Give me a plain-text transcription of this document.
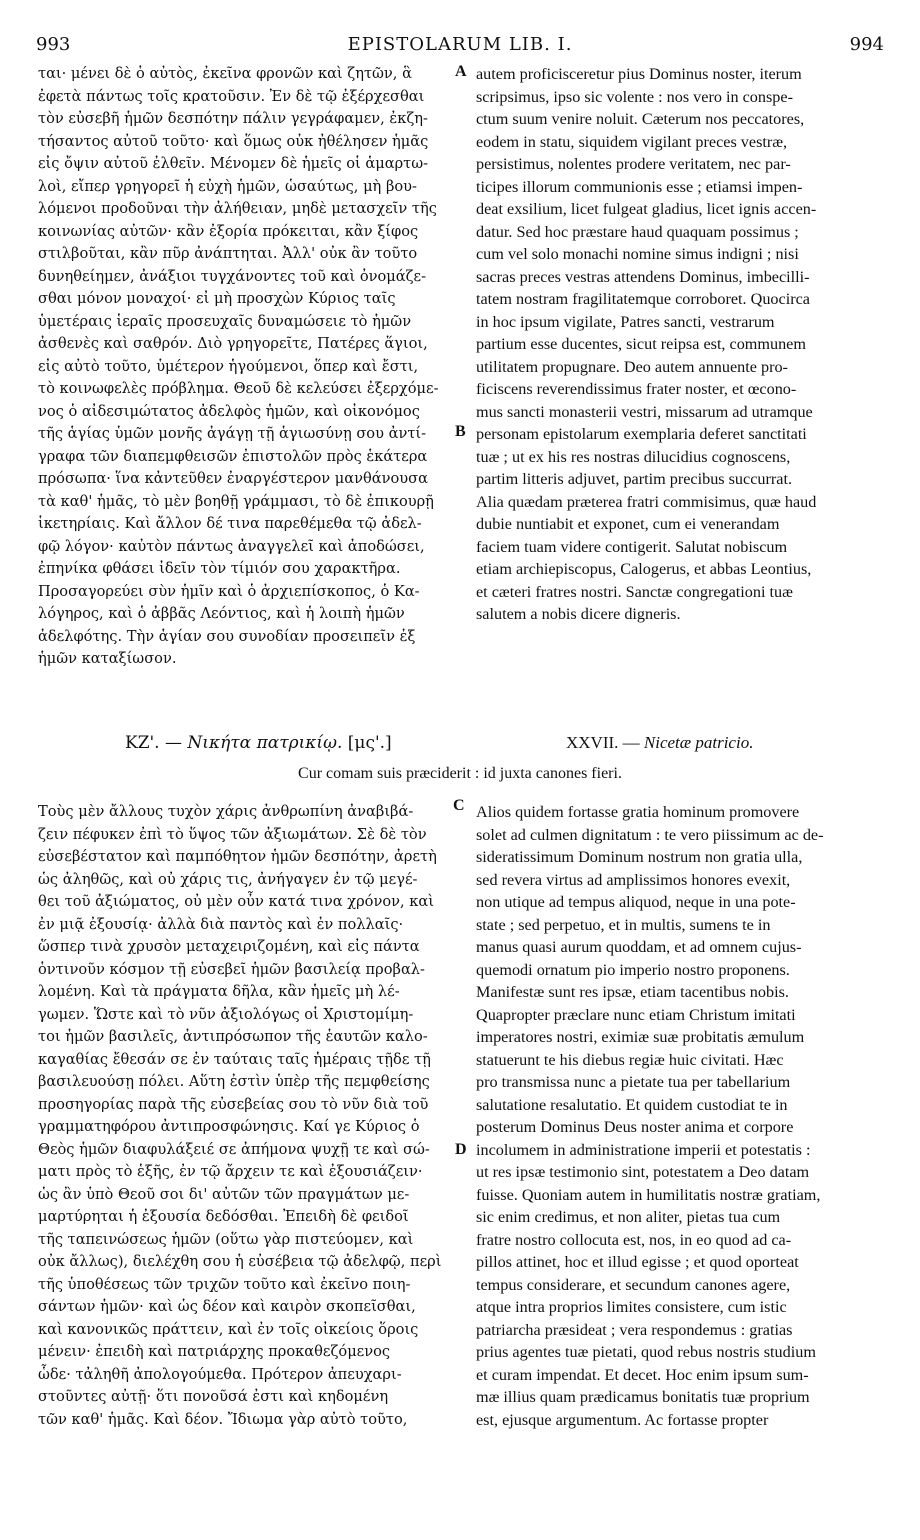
993	EPISTOLARUM LIB. I.	994
A
B
C
D
ται· μένει δὲ ὁ αὐτὸς, ἐκεῖνα φρονῶν καὶ ζητῶν, ἃ
ἐφετὰ πάντως τοῖς κρατοῦσιν. Ἐν δὲ τῷ ἐξέρχεσθαι
τὸν εὐσεβῆ ἡμῶν δεσπότην πάλιν γεγράφαμεν, ἐκζη-
τήσαντος αὐτοῦ τοῦτο· καὶ ὅμως οὐκ ἠθέλησεν ἡμᾶς
εἰς ὄψιν αὐτοῦ ἐλθεῖν. Μένομεν δὲ ἡμεῖς οἱ ἁμαρτω-
λοὶ, εἴπερ γρηγορεῖ ἡ εὐχὴ ἡμῶν, ὡσαύτως, μὴ βου-
λόμενοι προδοῦναι τὴν ἀλήθειαν, μηδὲ μετασχεῖν τῆς
κοινωνίας αὐτῶν· κἂν ἐξορία πρόκειται, κἂν ξίφος
στιλβοῦται, κἂν πῦρ ἀνάπτηται. Ἀλλ' οὐκ ἂν τοῦτο
δυνηθείημεν, ἀνάξιοι τυγχάνοντες τοῦ καὶ ὀνομάζε-
σθαι μόνον μοναχοί· εἰ μὴ προσχὼν Κύριος ταῖς
ὑμετέραις ἱεραῖς προσευχαῖς δυναμώσειε τὸ ἡμῶν
ἀσθενὲς καὶ σαθρόν. Διὸ γρηγορεῖτε, Πατέρες ἅγιοι,
εἰς αὐτὸ τοῦτο, ὑμέτερον ἡγούμενοι, ὅπερ καὶ ἔστι,
τὸ κοινωφελὲς πρόβλημα. Θεοῦ δὲ κελεύσει ἐξερχόμε-
νος ὁ αἰδεσιμώτατος ἀδελφὸς ἡμῶν, καὶ οἰκονόμος
τῆς ἁγίας ὑμῶν μονῆς ἀγάγῃ τῇ ἁγιωσύνῃ σου ἀντί-
γραφα τῶν διαπεμφθεισῶν ἐπιστολῶν πρὸς ἑκάτερα
πρόσωπα· ἵνα κἀντεῦθεν ἐναργέστερον μανθάνουσα
τὰ καθ' ἡμᾶς, τὸ μὲν βοηθῇ γράμμασι, τὸ δὲ ἐπικουρῇ
ἱκετηρίαις. Καὶ ἄλλον δέ τινα παρεθέμεθα τῷ ἀδελ-
φῷ λόγον· καὐτὸν πάντως ἀναγγελεῖ καὶ ἀποδώσει,
ἐπηνίκα φθάσει ἰδεῖν τὸν τίμιόν σου χαρακτῆρα.
Προσαγορεύει σὺν ἡμῖν καὶ ὁ ἀρχιεπίσκοπος, ὁ Κα-
λόγηρος, καὶ ὁ ἀββᾶς Λεόντιος, καὶ ἡ λοιπὴ ἡμῶν
ἀδελφότης. Τὴν ἁγίαν σου συνοδίαν προσειπεῖν ἐξ
ἡμῶν καταξίωσον.
autem proficisceretur pius Dominus noster, iterum
scripsimus, ipso sic volente : nos vero in conspe-
ctum suum venire noluit. Cæterum nos peccatores,
eodem in statu, siquidem vigilant preces vestræ,
persistimus, nolentes prodere veritatem, nec par-
ticipes illorum communionis esse ; etiamsi impen-
deat exsilium, licet fulgeat gladius, licet ignis accen-
datur. Sed hoc præstare haud quaquam possimus ;
cum vel solo monachi nomine simus indigni ; nisi
sacras preces vestras attendens Dominus, imbecilli-
tatem nostram fragilitatemque corroboret. Quocirca
in hoc ipsum vigilate, Patres sancti, vestrarum
partium esse ducentes, sicut reipsa est, communem
utilitatem propugnare. Deo autem annuente pro-
ficiscens reverendissimus frater noster, et œcono-
mus sancti monasterii vestri, missarum ad utramque
personam epistolarum exemplaria deferet sanctitati
tuæ ; ut ex his res nostras dilucidius cognoscens,
partim litteris adjuvet, partim precibus succurrat.
Alia quædam præterea fratri commisimus, quæ haud
dubie nuntiabit et exponet, cum ei venerandam
faciem tuam videre contigerit. Salutat nobiscum
etiam archiepiscopus, Calogerus, et abbas Leontius,
et cæteri fratres nostri. Sanctæ congregationi tuæ
salutem a nobis dicere digneris.
ΚΖ'. — Νικήτα πατρικίῳ. [μς'.]	XXVII. — Nicetæ patricio.
Cur comam suis præciderit : id juxta canones fieri.
Τοὺς μὲν ἄλλους τυχὸν χάρις ἀνθρωπίνη ἀναβιβά-
ζειν πέφυκεν ἐπὶ τὸ ὕψος τῶν ἀξιωμάτων. Σὲ δὲ τὸν
εὐσεβέστατον καὶ παμπόθητον ἡμῶν δεσπότην, ἀρετὴ
ὡς ἀληθῶς, καὶ οὐ χάρις τις, ἀνήγαγεν ἐν τῷ μεγέ-
θει τοῦ ἀξιώματος, οὐ μὲν οὖν κατά τινα χρόνον, καὶ
ἐν μιᾷ ἐξουσίᾳ· ἀλλὰ διὰ παντὸς καὶ ἐν πολλαῖς·
ὥσπερ τινὰ χρυσὸν μεταχειριζομένη, καὶ εἰς πάντα
ὁντινοῦν κόσμον τῇ εὐσεβεῖ ἡμῶν βασιλείᾳ προβαλ-
λομένη. Καὶ τὰ πράγματα δῆλα, κἂν ἡμεῖς μὴ λέ-
γωμεν. Ὥστε καὶ τὸ νῦν ἀξιολόγως οἱ Χριστομίμη-
τοι ἡμῶν βασιλεῖς, ἀντιπρόσωπον τῆς ἑαυτῶν καλο-
καγαθίας ἔθεσάν σε ἐν ταύταις ταῖς ἡμέραις τῇδε τῇ
βασιλευούσῃ πόλει. Αὕτη ἐστὶν ὑπὲρ τῆς πεμφθείσης
προσηγορίας παρὰ τῆς εὐσεβείας σου τὸ νῦν διὰ τοῦ
γραμματηφόρου ἀντιπροσφώνησις. Καί γε Κύριος ὁ
Θεὸς ἡμῶν διαφυλάξειέ σε ἀπήμονα ψυχῇ τε καὶ σώ-
ματι πρὸς τὸ ἑξῆς, ἐν τῷ ἄρχειν τε καὶ ἐξουσιάζειν·
ὡς ἂν ὑπὸ Θεοῦ σοι δι' αὐτῶν τῶν πραγμάτων με-
μαρτύρηται ἡ ἐξουσία δεδόσθαι. Ἐπειδὴ δὲ φειδοῖ
τῆς ταπεινώσεως ἡμῶν (οὕτω γὰρ πιστεύομεν, καὶ
οὐκ ἄλλως), διελέχθη σου ἡ εὐσέβεια τῷ ἀδελφῷ, περὶ
τῆς ὑποθέσεως τῶν τριχῶν τοῦτο καὶ ἐκεῖνο ποιη-
σάντων ἡμῶν· καὶ ὡς δέον καὶ καιρὸν σκοπεῖσθαι,
καὶ κανονικῶς πράττειν, καὶ ἐν τοῖς οἰκείοις ὅροις
μένειν· ἐπειδὴ καὶ πατριάρχης προκαθεζόμενος
ὧδε· τἀληθῆ ἀπολογούμεθα. Πρότερον ἀπευχαρι-
στοῦντες αὐτῇ· ὅτι πονοῦσά ἐστι καὶ κηδομένη
τῶν καθ' ἡμᾶς. Καὶ δέον. Ἴδιωμα γὰρ αὐτὸ τοῦτο,
Alios quidem fortasse gratia hominum promovere
solet ad culmen dignitatum : te vero piissimum ac de-
sideratissimum Dominum nostrum non gratia ulla,
sed revera virtus ad amplissimos honores evexit,
non utique ad tempus aliquod, neque in una pote-
state ; sed perpetuo, et in multis, sumens te in
manus quasi aurum quoddam, et ad omnem cujus-
quemodi ornatum pio imperio nostro proponens.
Manifestæ sunt res ipsæ, etiam tacentibus nobis.
Quapropter præclare nunc etiam Christum imitati
imperatores nostri, eximiæ suæ probitatis æmulum
statuerunt te his diebus regiæ huic civitati. Hæc
pro transmissa nunc a pietate tua per tabellarium
salutatione resalutatio. Et quidem custodiat te in
posterum Dominus Deus noster anima et corpore
incolumem in administratione imperii et potestatis :
ut res ipsæ testimonio sint, potestatem a Deo datam
fuisse. Quoniam autem in humilitatis nostræ gratiam,
sic enim credimus, et non aliter, pietas tua cum
fratre nostro collocuta est, nos, in eo quod ad ca-
pillos attinet, hoc et illud egisse ; et quod oporteat
tempus considerare, et secundum canones agere,
atque intra proprios limites consistere, cum istic
patriarcha præsideat ; vera respondemus : gratias
prius agentes tuæ pietati, quod rebus nostris studium
et curam impendat. Et decet. Hoc enim ipsum sum-
mæ illius quam prædicamus bonitatis tuæ proprium
est, ejusque argumentum. Ac fortasse propter
